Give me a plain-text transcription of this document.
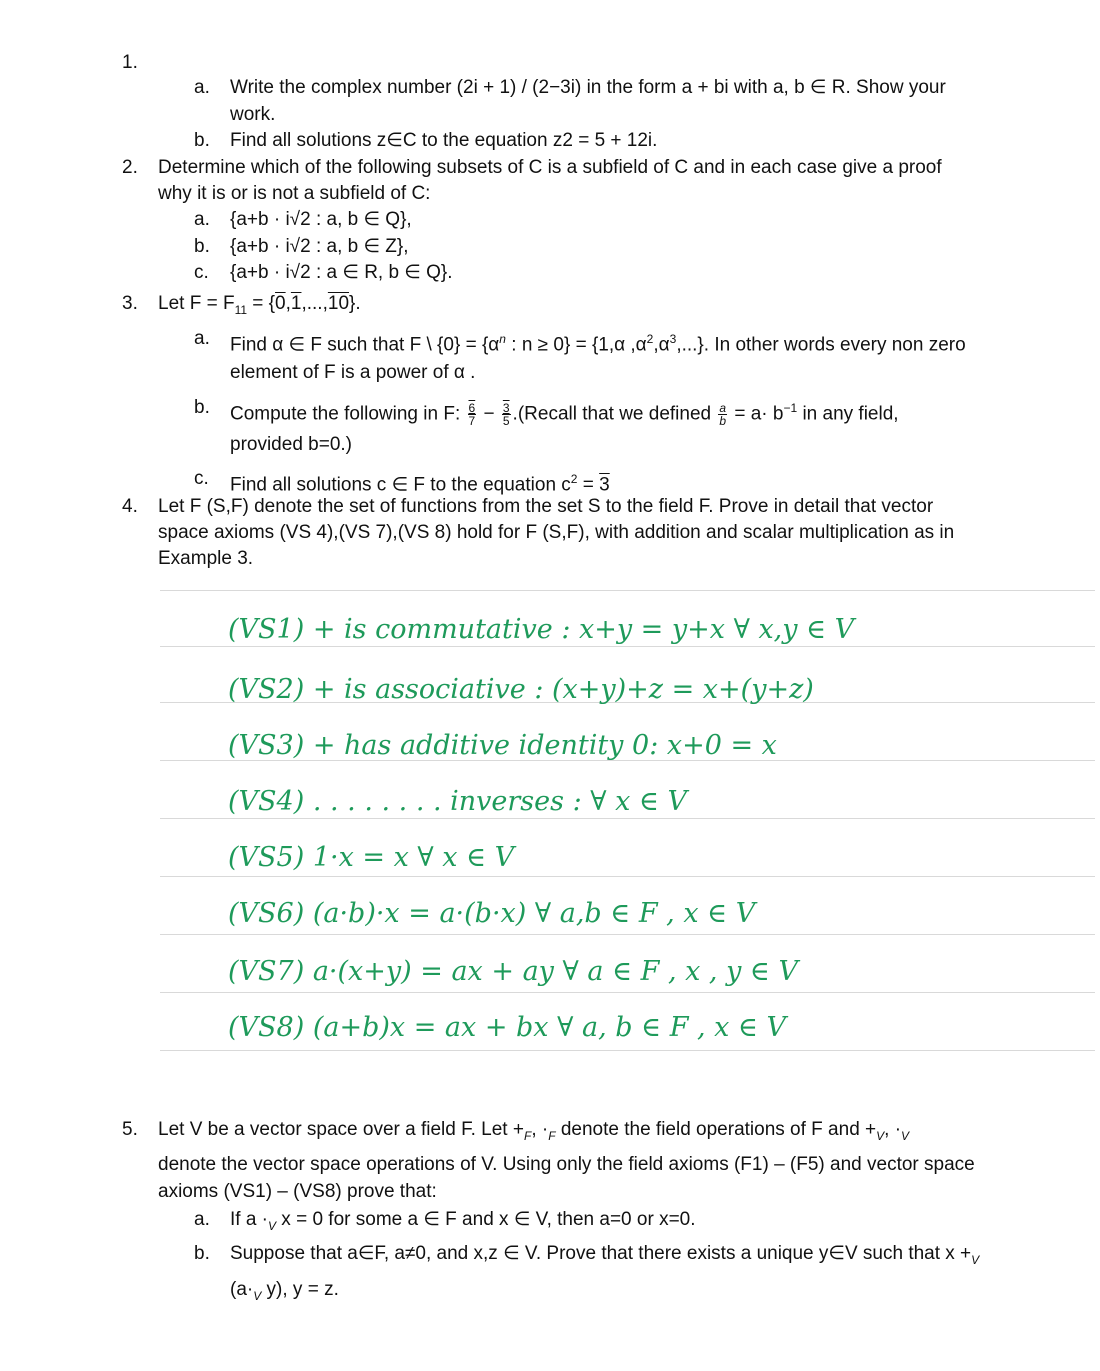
1.
a. Write the complex number (2i + 1) / (2−3i) in the form a + bi with a, b ∈ R. Show your
work.
b. Find all solutions z∈C to the equation z2 = 5 + 12i.
2. Determine which of the following subsets of C is a subfield of C and in each case give a proof
why it is or is not a subfield of C:
a. {a+b · i√2 : a, b ∈ Q},
b. {a+b · i√2 : a, b ∈ Z},
c. {a+b · i√2 : a ∈ R, b ∈ Q}.
3. Let $F = F_{11} = \{0,1,...,10\}$.
a. Find α ∈ F such that F \ $\{0\} = \{\alpha^n$ : n ≥ 0} = {1,α $,\alpha^2,\alpha^3$,...}. In other words every non zero
element of F is a power of α .
b. Compute the following in F: $\frac{6}{7} - \frac{3}{5}$ .(Recall that we defined $\frac{a}{b} = a\cdot b^{-1}$ in any field,
provided b=0.)
c. Find all solutions c ∈ F to the equation $c^2 = 3$
4. Let F (S,F) denote the set of functions from the set S to the field F. Prove in detail that vector
space axioms (VS 4),(VS 7),(VS 8) hold for F (S,F), with addition and scalar multiplication as in
Example 3.
(VS1) + is commutative : x+y = y+x ∀ x,y ∈ V
(VS2) + is associative : (x+y)+z = x+(y+z)
(VS3) + has additive identity 0: x+0 = x
(VS4) . . . . . . . . inverses : ∀ x ∈ V
(VS5) 1·x = x ∀ x ∈ V
(VS6) (a·b)·x = a·(b·x) ∀ a,b ∈ F , x ∈ V
(VS7) a·(x+y) = ax + ay ∀ a ∈ F , x , y ∈ V
(VS8) (a+b)x = ax + bx ∀ a, b ∈ F , x ∈ V
5. Let V be a vector space over a field F. Let $+_F$, $\cdot_F$ denote the field operations of F and $+_V$, $\cdot_V$
denote the vector space operations of V. Using only the field axioms (F1) – (F5) and vector space
axioms (VS1) – (VS8) prove that:
a. If $a \cdot_V$ x = 0 for some a ∈ F and x ∈ V, then a=0 or x=0.
b. Suppose that a∈F, a≠0, and x,z ∈ V. Prove that there exists a unique y∈V such that $x +_V$
($a\cdot_V$ y), y = z.
